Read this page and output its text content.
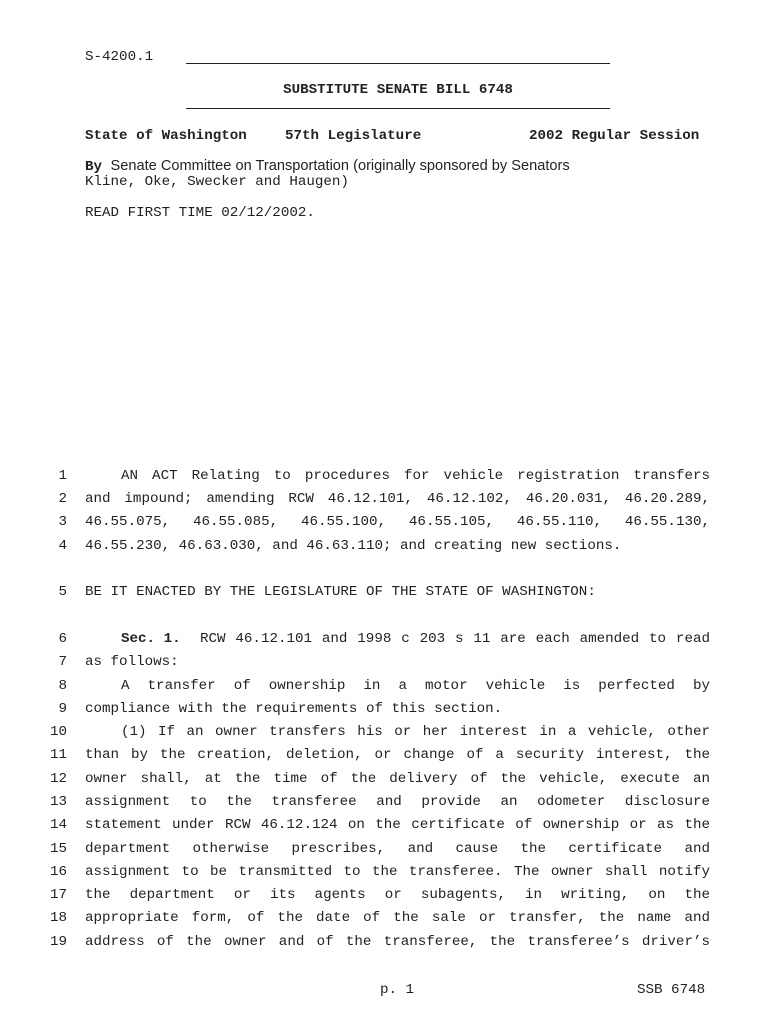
S-4200.1
SUBSTITUTE SENATE BILL 6748
State of Washington	57th Legislature	2002 Regular Session
By Senate Committee on Transportation (originally sponsored by Senators
Kline, Oke, Swecker and Haugen)
READ FIRST TIME 02/12/2002.
1	AN ACT Relating to procedures for vehicle registration transfers
2 and impound; amending RCW 46.12.101, 46.12.102, 46.20.031, 46.20.289,
3 46.55.075, 46.55.085, 46.55.100, 46.55.105, 46.55.110, 46.55.130,
4 46.55.230, 46.63.030, and 46.63.110; and creating new sections.
5 BE IT ENACTED BY THE LEGISLATURE OF THE STATE OF WASHINGTON:
6	Sec. 1. RCW 46.12.101 and 1998 c 203 s 11 are each amended to read
7 as follows:
8	A transfer of ownership in a motor vehicle is perfected by
9 compliance with the requirements of this section.
10	(1) If an owner transfers his or her interest in a vehicle, other
11 than by the creation, deletion, or change of a security interest, the
12 owner shall, at the time of the delivery of the vehicle, execute an
13 assignment to the transferee and provide an odometer disclosure
14 statement under RCW 46.12.124 on the certificate of ownership or as the
15 department otherwise prescribes, and cause the certificate and
16 assignment to be transmitted to the transferee. The owner shall notify
17 the department or its agents or subagents, in writing, on the
18 appropriate form, of the date of the sale or transfer, the name and
19 address of the owner and of the transferee, the transferee’s driver’s
p. 1	SSB 6748
